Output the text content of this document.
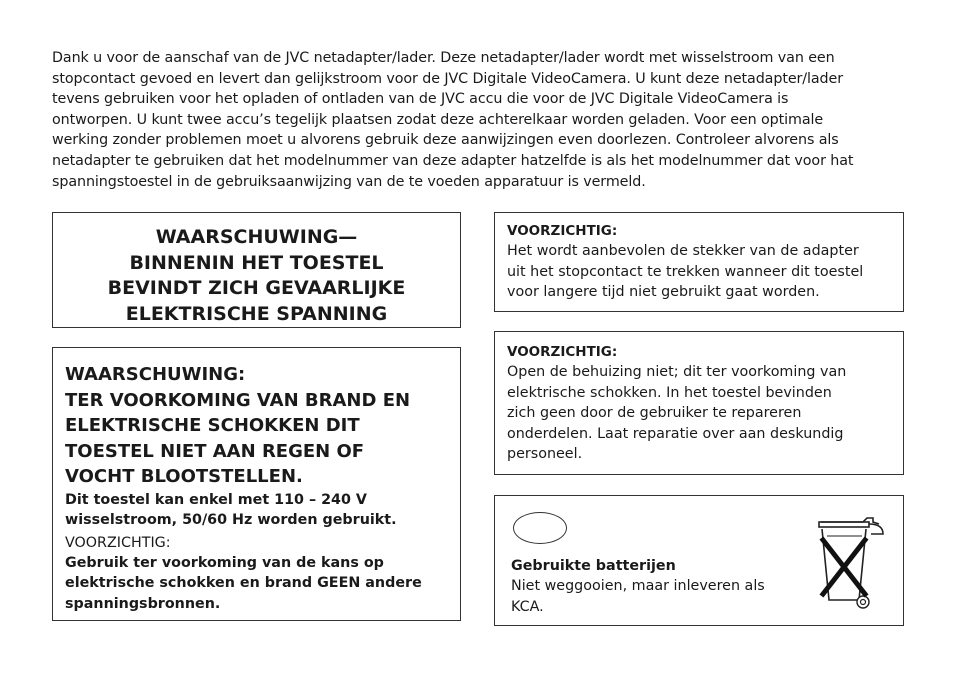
Dank u voor de aanschaf van de JVC netadapter/lader. Deze netadapter/lader wordt met wisselstroom van een
stopcontact gevoed en levert dan gelijkstroom voor de JVC Digitale VideoCamera. U kunt deze netadapter/lader
tevens gebruiken voor het opladen of ontladen van de JVC accu die voor de JVC Digitale VideoCamera is
ontworpen. U kunt twee accu’s tegelijk plaatsen zodat deze achterelkaar worden geladen. Voor een optimale
werking zonder problemen moet u alvorens gebruik deze aanwijzingen even doorlezen. Controleer alvorens als
netadapter te gebruiken dat het modelnummer van deze adapter hatzelfde is als het modelnummer dat voor hat
spanningstoestel in de gebruiksaanwijzing van de te voeden apparatuur is vermeld.
WAARSCHUWING—
BINNENIN HET TOESTEL
BEVINDT ZICH GEVAARLIJKE
ELEKTRISCHE SPANNING
WAARSCHUWING:
TER VOORKOMING VAN BRAND EN
ELEKTRISCHE SCHOKKEN DIT
TOESTEL NIET AAN REGEN OF
VOCHT BLOOTSTELLEN.
Dit toestel kan enkel met 110 – 240 V
wisselstroom, 50/60 Hz worden gebruikt.
VOORZICHTIG:
Gebruik ter voorkoming van de kans op
elektrische schokken en brand GEEN andere
spanningsbronnen.
VOORZICHTIG:
Het wordt aanbevolen de stekker van de adapter
uit het stopcontact te trekken wanneer dit toestel
voor langere tijd niet gebruikt gaat worden.
VOORZICHTIG:
Open de behuizing niet; dit ter voorkoming van
elektrische schokken. In het toestel bevinden
zich geen door de gebruiker te repareren
onderdelen. Laat reparatie over aan deskundig
personeel.
Gebruikte batterijen
Niet weggooien, maar inleveren als
KCA.
